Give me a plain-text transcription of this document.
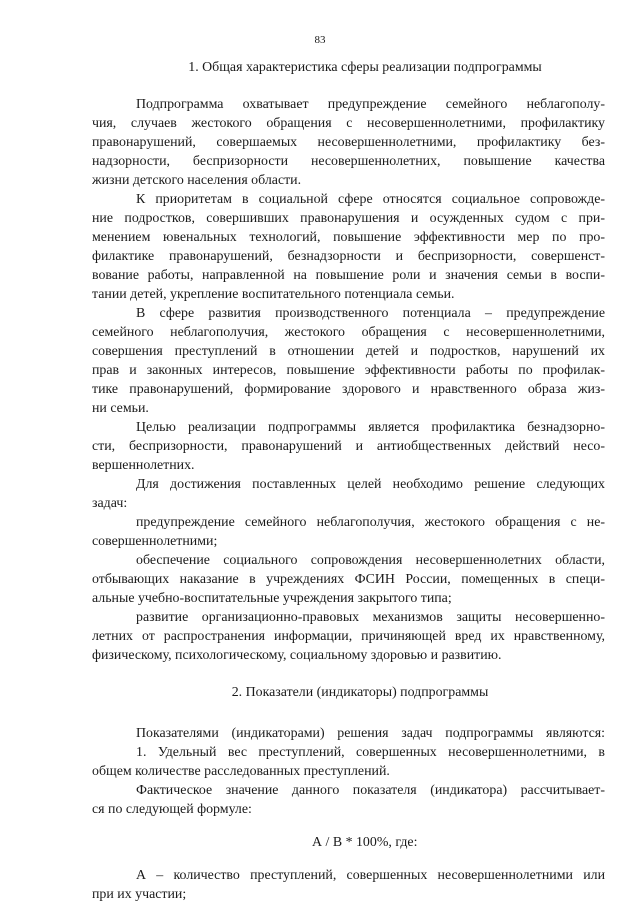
83
1. Общая характеристика сферы реализации подпрограммы
Подпрограмма охватывает предупреждение семейного неблагополу-
чия, случаев жестокого обращения с несовершеннолетними, профилактику
правонарушений, совершаемых несовершеннолетними, профилактику без-
надзорности, беспризорности несовершеннолетних, повышение качества
жизни детского населения области.
К приоритетам в социальной сфере относятся социальное сопровожде-
ние подростков, совершивших правонарушения и осужденных судом с при-
менением ювенальных технологий, повышение эффективности мер по про-
филактике правонарушений, безнадзорности и беспризорности, совершенст-
вование работы, направленной на повышение роли и значения семьи в воспи-
тании детей, укрепление воспитательного потенциала семьи.
В сфере развития производственного потенциала – предупреждение
семейного неблагополучия, жестокого обращения с несовершеннолетними,
совершения преступлений в отношении детей и подростков, нарушений их
прав и законных интересов, повышение эффективности работы по профилак-
тике правонарушений, формирование здорового и нравственного образа жиз-
ни семьи.
Целью реализации подпрограммы является профилактика безнадзорно-
сти, беспризорности, правонарушений и антиобщественных действий несо-
вершеннолетних.
Для достижения поставленных целей необходимо решение следующих
задач:
предупреждение семейного неблагополучия, жестокого обращения с не-
совершеннолетними;
обеспечение социального сопровождения несовершеннолетних области,
отбывающих наказание в учреждениях ФСИН России, помещенных в специ-
альные учебно-воспитательные учреждения закрытого типа;
развитие организационно-правовых механизмов защиты несовершенно-
летних от распространения информации, причиняющей вред их нравственному,
физическому, психологическому, социальному здоровью и развитию.
2. Показатели (индикаторы) подпрограммы
Показателями (индикаторами) решения задач подпрограммы являются:
1. Удельный вес преступлений, совершенных несовершеннолетними, в
общем количестве расследованных преступлений.
Фактическое значение данного показателя (индикатора) рассчитывает-
ся по следующей формуле:
А / В * 100%, где:
А – количество преступлений, совершенных несовершеннолетними или
при их участии;
